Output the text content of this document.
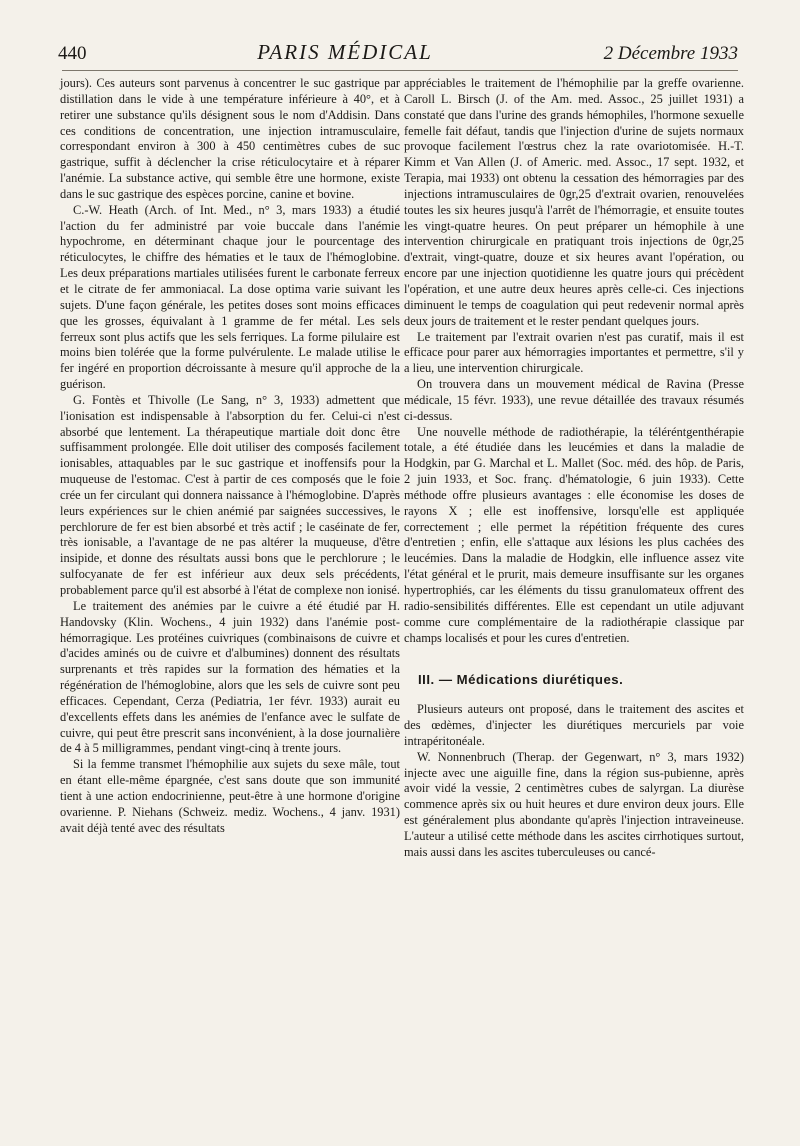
440	PARIS MÉDICAL	2 Décembre 1933

jours). Ces auteurs sont parvenus à concentrer le suc gastrique par distillation dans le vide à une température inférieure à 40°, et à retirer une substance qu'ils désignent sous le nom d'Addisin. Dans ces conditions de concentration, une injection intramusculaire, correspondant environ à 300 à 450 centimètres cubes de suc gastrique, suffit à déclencher la crise réticulocytaire et à réparer l'anémie. La substance active, qui semble être une hormone, existe dans le suc gastrique des espèces porcine, canine et bovine.

C.-W. Heath (Arch. of Int. Med., n° 3, mars 1933) a étudié l'action du fer administré par voie buccale dans l'anémie hypochrome, en déterminant chaque jour le pourcentage des réticulocytes, le chiffre des hématies et le taux de l'hémoglobine. Les deux préparations martiales utilisées furent le carbonate ferreux et le citrate de fer ammoniacal. La dose optima varie suivant les sujets. D'une façon générale, les petites doses sont moins efficaces que les grosses, équivalant à 1 gramme de fer métal. Les sels ferreux sont plus actifs que les sels ferriques. La forme pilulaire est moins bien tolérée que la forme pulvérulente. Le malade utilise le fer ingéré en proportion décroissante à mesure qu'il approche de la guérison.

G. Fontès et Thivolle (Le Sang, n° 3, 1933) admettent que l'ionisation est indispensable à l'absorption du fer. Celui-ci n'est absorbé que lentement. La thérapeutique martiale doit donc être suffisamment prolongée. Elle doit utiliser des composés facilement ionisables, attaquables par le suc gastrique et inoffensifs pour la muqueuse de l'estomac. C'est à partir de ces composés que le foie crée un fer circulant qui donnera naissance à l'hémoglobine. D'après leurs expériences sur le chien anémié par saignées successives, le perchlorure de fer est bien absorbé et très actif ; le caséinate de fer, très ionisable, a l'avantage de ne pas altérer la muqueuse, d'être insipide, et donne des résultats aussi bons que le perchlorure ; le sulfocyanate de fer est inférieur aux deux sels précédents, probablement parce qu'il est absorbé à l'état de complexe non ionisé.

Le traitement des anémies par le cuivre a été étudié par H. Handovsky (Klin. Wochens., 4 juin 1932) dans l'anémie post-hémorragique. Les protéines cuivriques (combinaisons de cuivre et d'acides aminés ou de cuivre et d'albumines) donnent des résultats surprenants et très rapides sur la formation des hématies et la régénération de l'hémoglobine, alors que les sels de cuivre sont peu efficaces. Cependant, Cerza (Pediatria, 1er févr. 1933) aurait eu d'excellents effets dans les anémies de l'enfance avec le sulfate de cuivre, qui peut être prescrit sans inconvénient, à la dose journalière de 4 à 5 milligrammes, pendant vingt-cinq à trente jours.

Si la femme transmet l'hémophilie aux sujets du sexe mâle, tout en étant elle-même épargnée, c'est sans doute que son immunité tient à une action endocrinienne, peut-être à une hormone d'origine ovarienne. P. Niehans (Schweiz. mediz. Wochens., 4 janv. 1931) avait déjà tenté avec des résultats

appréciables le traitement de l'hémophilie par la greffe ovarienne. Caroll L. Birsch (J. of the Am. med. Assoc., 25 juillet 1931) a constaté que dans l'urine des grands hémophiles, l'hormone sexuelle femelle fait défaut, tandis que l'injection d'urine de sujets normaux provoque facilement l'œstrus chez la rate ovariotomisée. H.-T. Kimm et Van Allen (J. of Americ. med. Assoc., 17 sept. 1932, et Terapia, mai 1933) ont obtenu la cessation des hémorragies par des injections intramusculaires de 0gr,25 d'extrait ovarien, renouvelées toutes les six heures jusqu'à l'arrêt de l'hémorragie, et ensuite toutes les vingt-quatre heures. On peut préparer un hémophile à une intervention chirurgicale en pratiquant trois injections de 0gr,25 d'extrait, vingt-quatre, douze et six heures avant l'opération, ou encore par une injection quotidienne les quatre jours qui précèdent l'opération, et une autre deux heures après celle-ci. Ces injections diminuent le temps de coagulation qui peut redevenir normal après deux jours de traitement et le rester pendant quelques jours.

Le traitement par l'extrait ovarien n'est pas curatif, mais il est efficace pour parer aux hémorragies importantes et permettre, s'il y a lieu, une intervention chirurgicale.

On trouvera dans un mouvement médical de Ravina (Presse médicale, 15 févr. 1933), une revue détaillée des travaux résumés ci-dessus.

Une nouvelle méthode de radiothérapie, la téléréntgenthérapie totale, a été étudiée dans les leucémies et dans la maladie de Hodgkin, par G. Marchal et L. Mallet (Soc. méd. des hôp. de Paris, 2 juin 1933, et Soc. franç. d'hématologie, 6 juin 1933). Cette méthode offre plusieurs avantages : elle économise les doses de rayons X ; elle est inoffensive, lorsqu'elle est appliquée correctement ; elle permet la répétition fréquente des cures d'entretien ; enfin, elle s'attaque aux lésions les plus cachées des leucémies. Dans la maladie de Hodgkin, elle influence assez vite l'état général et le prurit, mais demeure insuffisante sur les organes hypertrophiés, car les éléments du tissu granulomateux offrent des radio-sensibilités différentes. Elle est cependant un utile adjuvant comme cure complémentaire de la radiothérapie classique par champs localisés et pour les cures d'entretien.

III. — Médications diurétiques.

Plusieurs auteurs ont proposé, dans le traitement des ascites et des œdèmes, d'injecter les diurétiques mercuriels par voie intrapéritonéale.

W. Nonnenbruch (Therap. der Gegenwart, n° 3, mars 1932) injecte avec une aiguille fine, dans la région sus-pubienne, après avoir vidé la vessie, 2 centimètres cubes de salyrgan. La diurèse commence après six ou huit heures et dure environ deux jours. Elle est généralement plus abondante qu'après l'injection intraveineuse. L'auteur a utilisé cette méthode dans les ascites cirrhotiques surtout, mais aussi dans les ascites tuberculeuses ou cancé-
